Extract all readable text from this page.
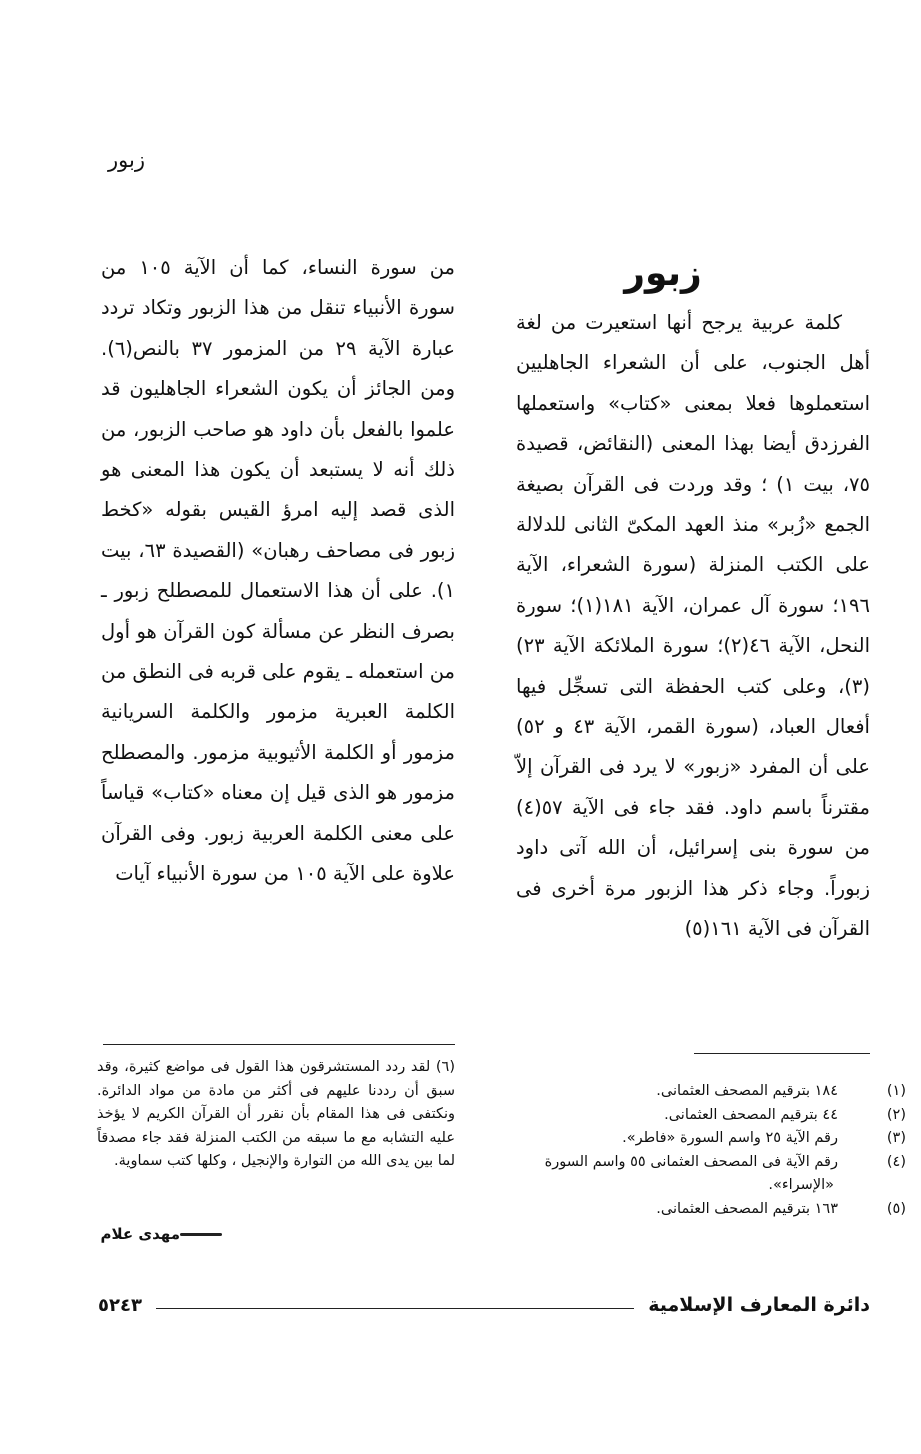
زبور
زبور

كلمة عربية يرجح أنها استعيرت من لغة أهل الجنوب، على أن الشعراء الجاهليين استعملوها فعلا بمعنى «كتاب» واستعملها الفرزدق أيضا بهذا المعنى (النقائض، قصيدة ٧٥، بيت ١) ؛ وقد وردت فى القرآن بصيغة الجمع «زُبر» منذ العهد المكىّ الثانى للدلالة على الكتب المنزلة (سورة الشعراء، الآية ١٩٦؛ سورة آل عمران، الآية ١٨١(١)؛ سورة النحل، الآية ٤٦(٢)؛ سورة الملائكة الآية ٢٣)(٣)، وعلى كتب الحفظة التى تسجِّل فيها أفعال العباد، (سورة القمر، الآية ٤٣ و ٥٢) على أن المفرد «زبور» لا يرد فى القرآن إلاّ مقترناً باسم داود. فقد جاء فى الآية ٥٧(٤) من سورة بنى إسرائيل، أن الله آتى داود زبوراً. وجاء ذكر هذا الزبور مرة أخرى فى القرآن فى الآية ١٦١(٥)

من سورة النساء، كما أن الآية ١٠٥ من سورة الأنبياء تنقل من هذا الزبور وتكاد تردد عبارة الآية ٢٩ من المزمور ٣٧ بالنص(٦). ومن الجائز أن يكون الشعراء الجاهليون قد علموا بالفعل بأن داود هو صاحب الزبور، من ذلك أنه لا يستبعد أن يكون هذا المعنى هو الذى قصد إليه امرؤ القيس بقوله «كخط زبور فى مصاحف رهبان» (القصيدة ٦٣، بيت ١). على أن هذا الاستعمال للمصطلح زبور ـ بصرف النظر عن مسألة كون القرآن هو أول من استعمله ـ يقوم على قربه فى النطق من الكلمة العبرية مزمور والكلمة السريانية مزمور أو الكلمة الأثيوبية مزمور. والمصطلح مزمور هو الذى قيل إن معناه «كتاب» قياساً على معنى الكلمة العربية زبور. وفى القرآن علاوة على الآية ١٠٥ من سورة الأنبياء آيات

(١)١٨٤ بترقيم المصحف العثمانى.
(٢)٤٤ بترقيم المصحف العثمانى.
(٣)رقم الآية ٢٥ واسم السورة «فاطر».
(٤)رقم الآية فى المصحف العثمانى ٥٥ واسم السورة «الإسراء».
(٥)١٦٣ بترقيم المصحف العثمانى.
(٦) لقد ردد المستشرقون هذا القول فى مواضع كثيرة، وقد سبق أن رددنا عليهم فى أكثر من مادة من مواد الدائرة. ونكتفى فى هذا المقام بأن نقرر أن القرآن الكريم لا يؤخذ عليه التشابه مع ما سبقه من الكتب المنزلة فقد جاء مصدقاً لما بين يدى الله من التوارة والإنجيل ، وكلها كتب سماوية.
مهدى علام
دائرة المعارف الإسلامية
٥٢٤٣
